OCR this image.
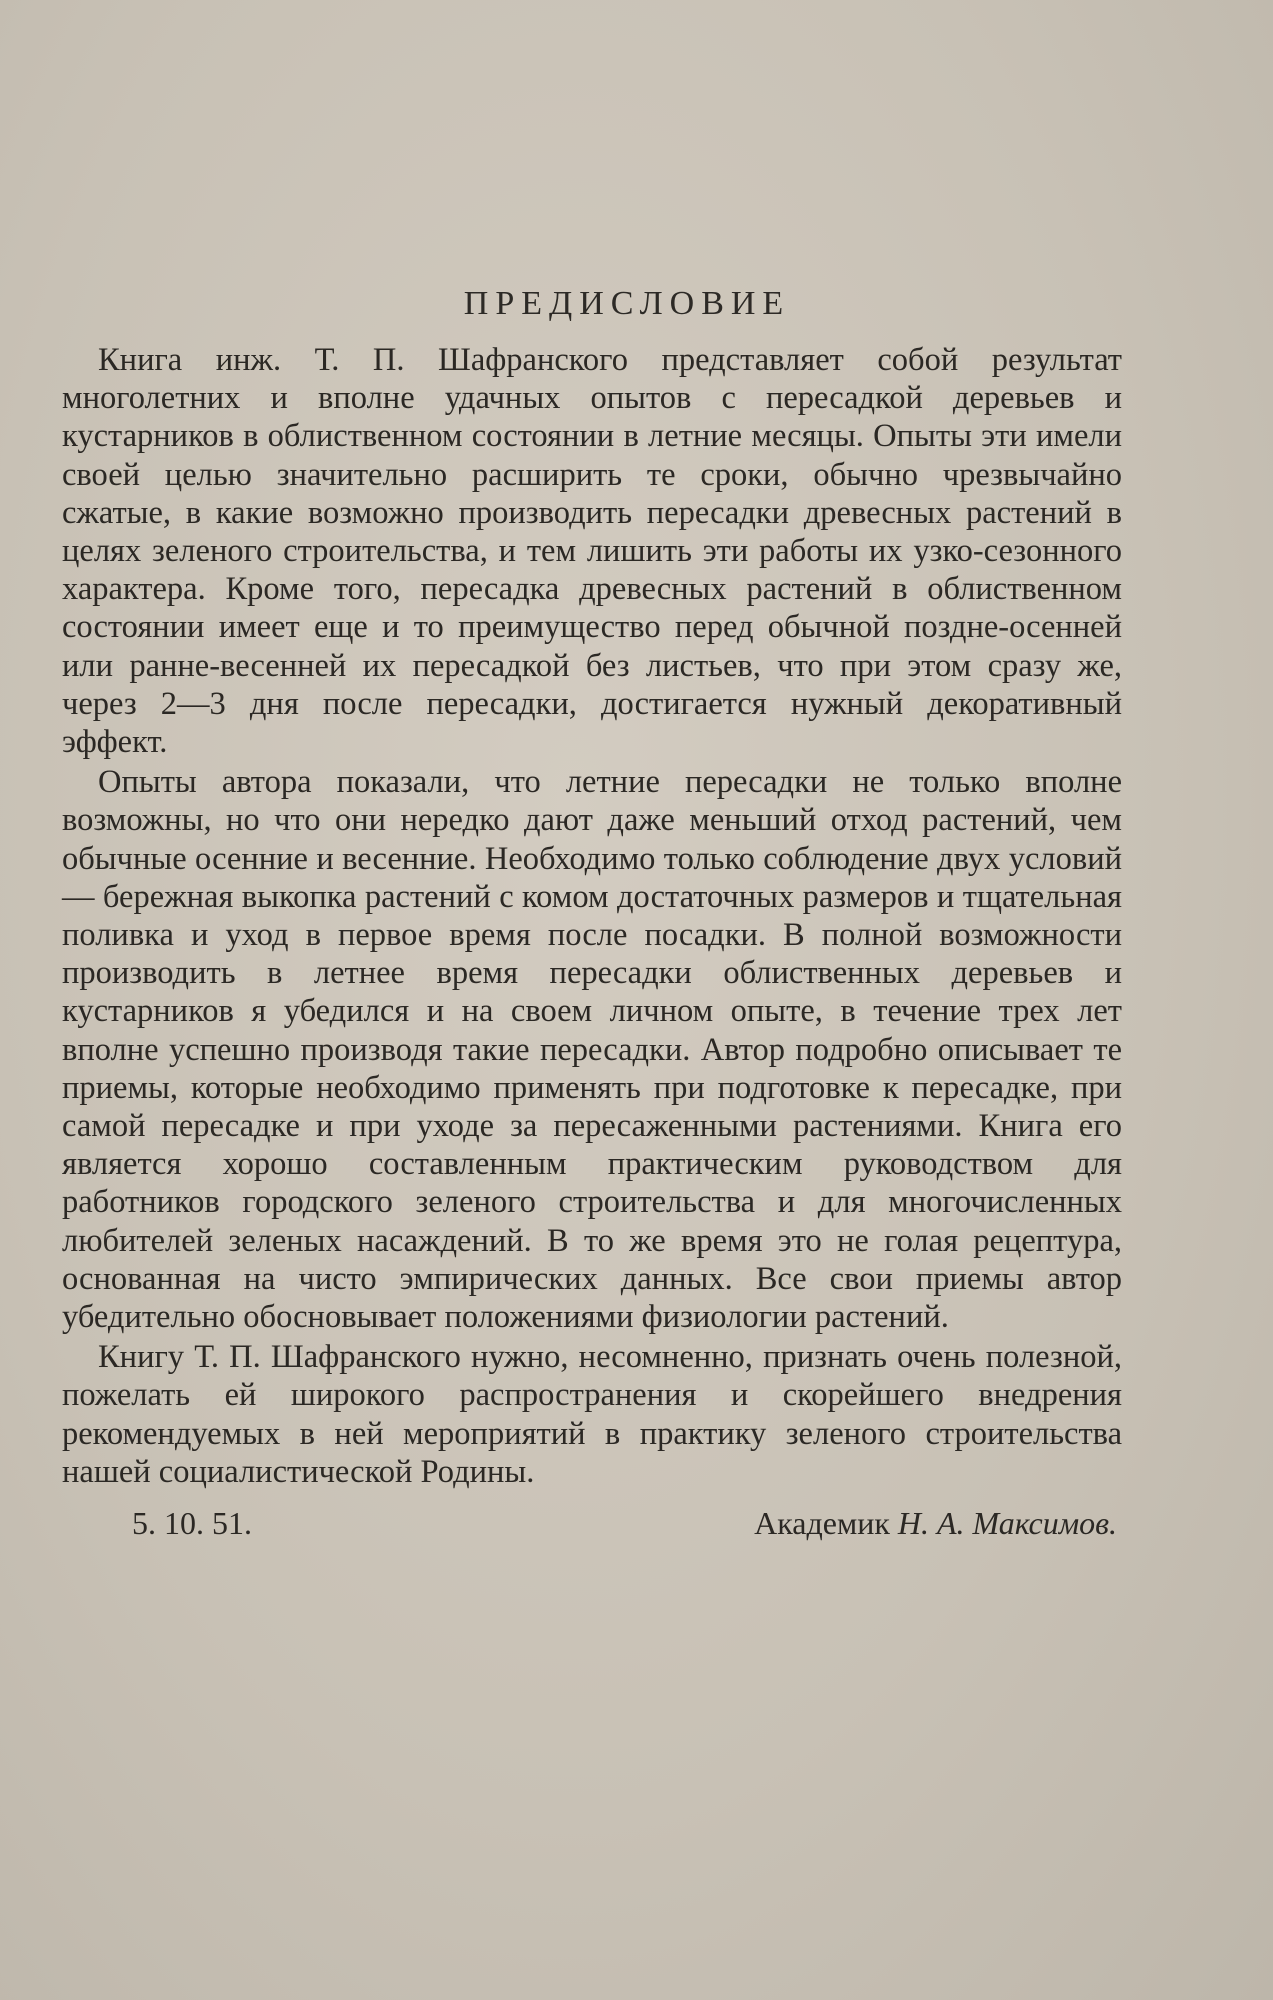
ПРЕДИСЛОВИЕ

Книга инж. Т. П. Шафранского представляет собой результат многолетних и вполне удачных опытов с пересадкой деревьев и кустарников в облиственном состоянии в летние месяцы. Опыты эти имели своей целью значительно расширить те сроки, обычно чрезвычайно сжатые, в какие возможно производить пересадки древесных растений в целях зеленого строительства, и тем лишить эти работы их узко-сезонного характера. Кроме того, пересадка древесных растений в облиственном состоянии имеет еще и то преимущество перед обычной поздне-осенней или ранне-весенней их пересадкой без листьев, что при этом сразу же, через 2—3 дня после пересадки, достигается нужный декоративный эффект.

Опыты автора показали, что летние пересадки не только вполне возможны, но что они нередко дают даже меньший отход растений, чем обычные осенние и весенние. Необходимо только соблюдение двух условий — бережная выкопка растений с комом достаточных размеров и тщательная поливка и уход в первое время после посадки. В полной возможности производить в летнее время пересадки облиственных деревьев и кустарников я убедился и на своем личном опыте, в течение трех лет вполне успешно производя такие пересадки. Автор подробно описывает те приемы, которые необходимо применять при подготовке к пересадке, при самой пересадке и при уходе за пересаженными растениями. Книга его является хорошо составленным практическим руководством для работников городского зеленого строительства и для многочисленных любителей зеленых насаждений. В то же время это не голая рецептура, основанная на чисто эмпирических данных. Все свои приемы автор убедительно обосновывает положениями физиологии растений.

Книгу Т. П. Шафранского нужно, несомненно, признать очень полезной, пожелать ей широкого распространения и скорейшего внедрения рекомендуемых в ней мероприятий в практику зеленого строительства нашей социалистической Родины.

5. 10. 51.	Академик Н. А. Максимов.
